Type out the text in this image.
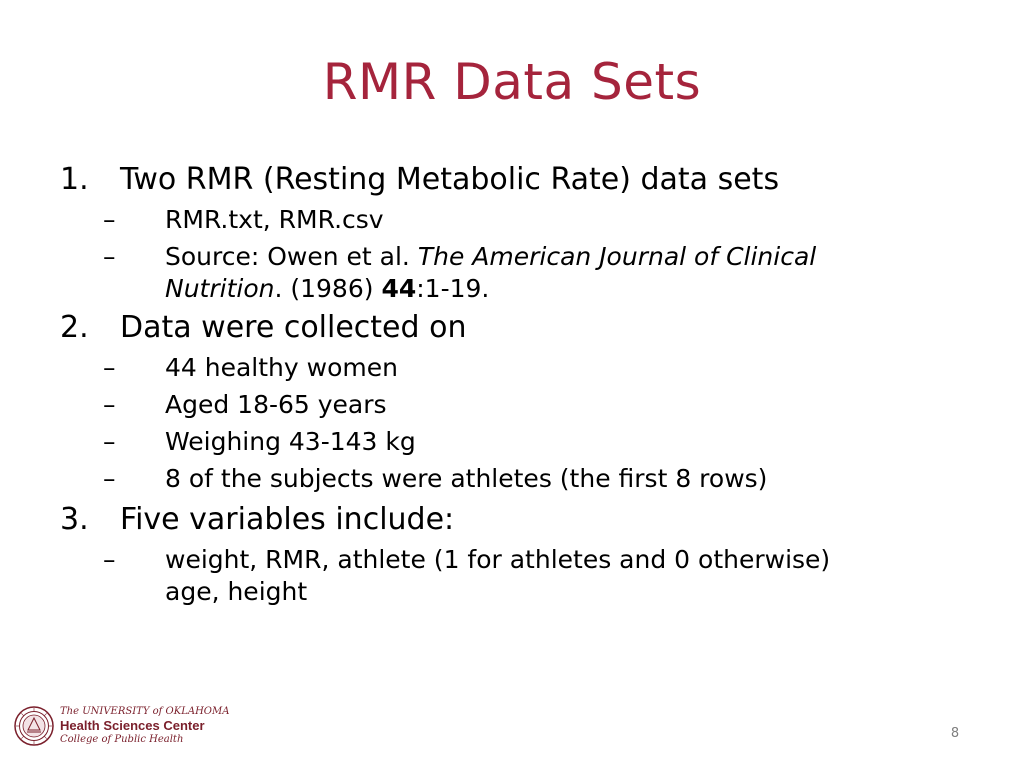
RMR Data Sets
1. Two RMR (Resting Metabolic Rate) data sets
– RMR.txt, RMR.csv
– Source: Owen et al. The American Journal of Clinical
Nutrition. (1986) 44:1-19.
2. Data were collected on
– 44 healthy women
– Aged 18-65 years
– Weighing 43-143 kg
– 8 of the subjects were athletes (the first 8 rows)
3. Five variables include:
– weight, RMR, athlete (1 for athletes and 0 otherwise)
age, height
The UNIVERSITY of OKLAHOMA
Health Sciences Center
College of Public Health	8
